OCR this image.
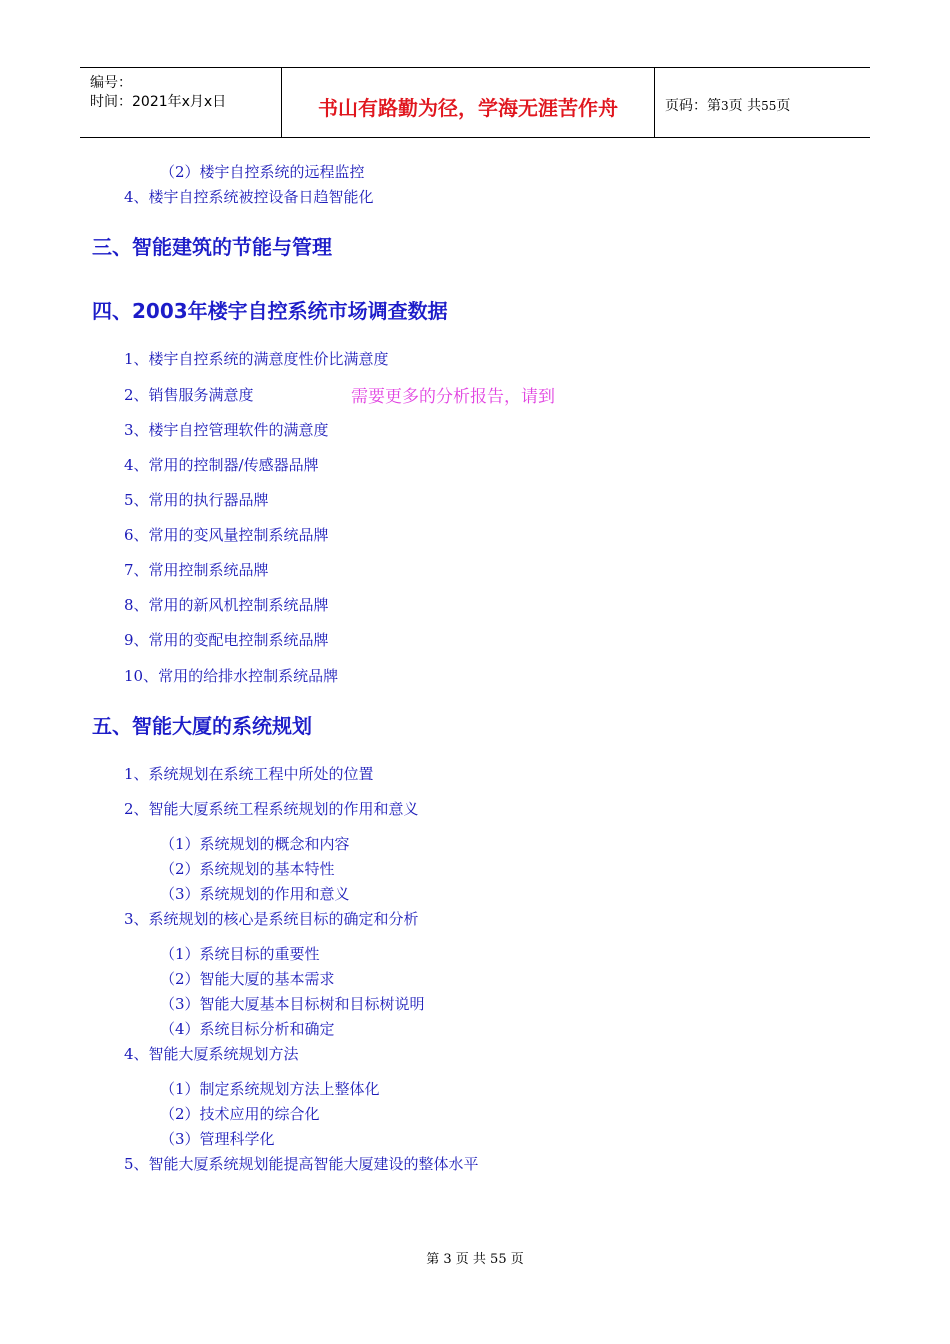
编号：
时间：2021年x月x日	书山有路勤为径，学海无涯苦作舟	页码：第3页 共55页
（2）楼宇自控系统的远程监控
4、楼宇自控系统被控设备日趋智能化
三、智能建筑的节能与管理
四、2003年楼宇自控系统市场调查数据
1、楼宇自控系统的满意度性价比满意度
2、销售服务满意度	需要更多的分析报告，请到
3、楼宇自控管理软件的满意度
4、常用的控制器/传感器品牌
5、常用的执行器品牌
6、常用的变风量控制系统品牌
7、常用控制系统品牌
8、常用的新风机控制系统品牌
9、常用的变配电控制系统品牌
10、常用的给排水控制系统品牌
五、智能大厦的系统规划
1、系统规划在系统工程中所处的位置
2、智能大厦系统工程系统规划的作用和意义
（1）系统规划的概念和内容
（2）系统规划的基本特性
（3）系统规划的作用和意义
3、系统规划的核心是系统目标的确定和分析
（1）系统目标的重要性
（2）智能大厦的基本需求
（3）智能大厦基本目标树和目标树说明
（4）系统目标分析和确定
4、智能大厦系统规划方法
（1）制定系统规划方法上整体化
（2）技术应用的综合化
（3）管理科学化
5、智能大厦系统规划能提高智能大厦建设的整体水平
第 3 页 共 55 页
